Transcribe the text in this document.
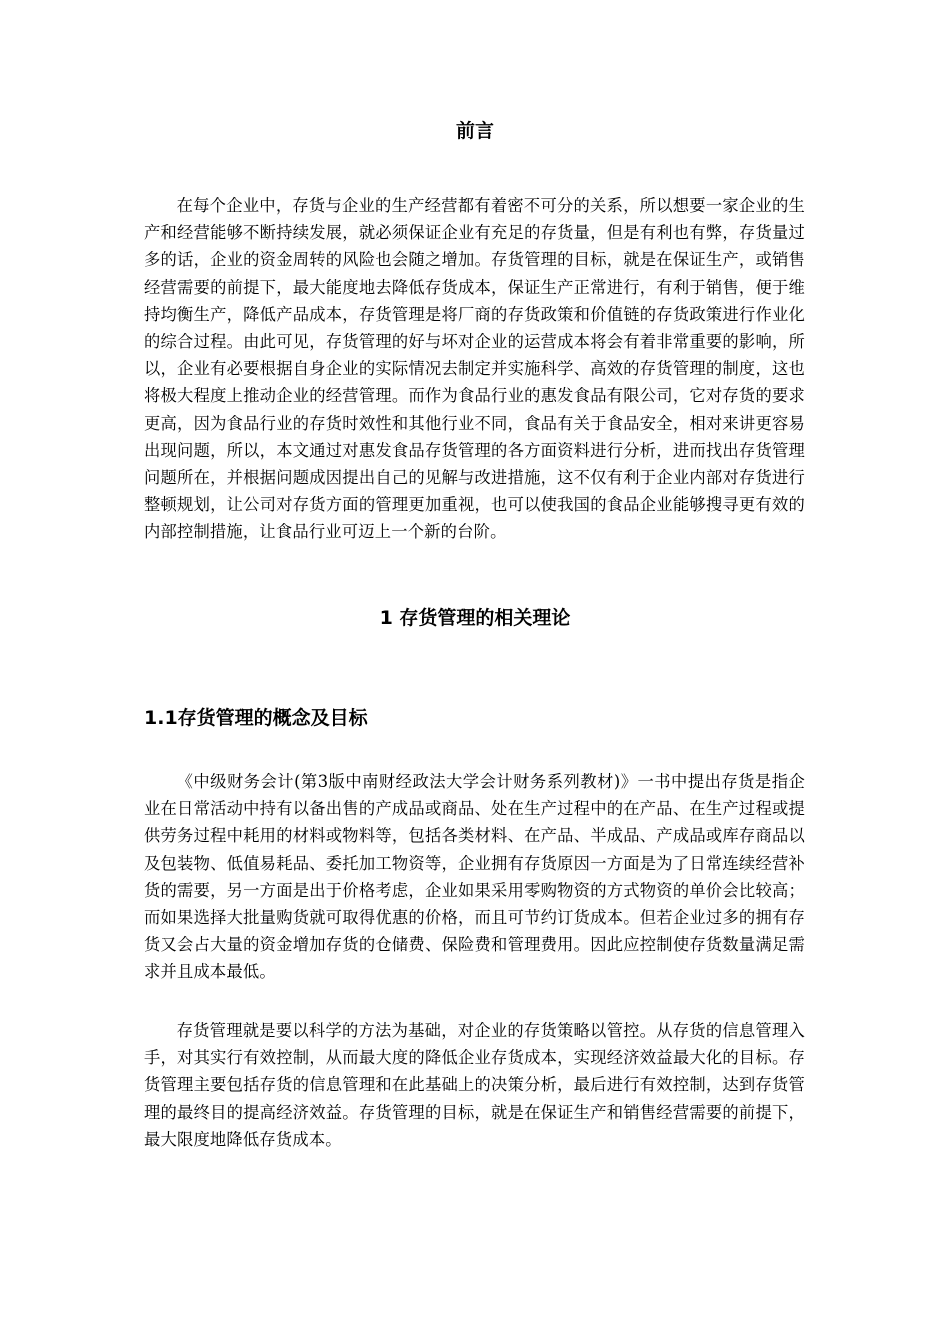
前言

在每个企业中，存货与企业的生产经营都有着密不可分的关系，所以想要一家企业的生产和经营能够不断持续发展，就必须保证企业有充足的存货量，但是有利也有弊，存货量过多的话，企业的资金周转的风险也会随之增加。存货管理的目标，就是在保证生产，或销售经营需要的前提下，最大能度地去降低存货成本，保证生产正常进行，有利于销售，便于维持均衡生产，降低产品成本，存货管理是将厂商的存货政策和价值链的存货政策进行作业化的综合过程。由此可见，存货管理的好与坏对企业的运营成本将会有着非常重要的影响，所以，企业有必要根据自身企业的实际情况去制定并实施科学、高效的存货管理的制度，这也将极大程度上推动企业的经营管理。而作为食品行业的惠发食品有限公司，它对存货的要求更高，因为食品行业的存货时效性和其他行业不同，食品有关于食品安全，相对来讲更容易出现问题，所以，本文通过对惠发食品存货管理的各方面资料进行分析，进而找出存货管理问题所在，并根据问题成因提出自己的见解与改进措施，这不仅有利于企业内部对存货进行整顿规划，让公司对存货方面的管理更加重视，也可以使我国的食品企业能够搜寻更有效的内部控制措施，让食品行业可迈上一个新的台阶。

1 存货管理的相关理论
1.1存货管理的概念及目标

《中级财务会计(第3版中南财经政法大学会计财务系列教材)》一书中提出存货是指企业在日常活动中持有以备出售的产成品或商品、处在生产过程中的在产品、在生产过程或提供劳务过程中耗用的材料或物料等，包括各类材料、在产品、半成品、产成品或库存商品以及包装物、低值易耗品、委托加工物资等，企业拥有存货原因一方面是为了日常连续经营补货的需要，另一方面是出于价格考虑，企业如果采用零购物资的方式物资的单价会比较高；而如果选择大批量购货就可取得优惠的价格，而且可节约订货成本。但若企业过多的拥有存货又会占大量的资金增加存货的仓储费、保险费和管理费用。因此应控制使存货数量满足需求并且成本最低。

存货管理就是要以科学的方法为基础，对企业的存货策略以管控。从存货的信息管理入手，对其实行有效控制，从而最大度的降低企业存货成本，实现经济效益最大化的目标。存货管理主要包括存货的信息管理和在此基础上的决策分析，最后进行有效控制，达到存货管理的最终目的提高经济效益。存货管理的目标，就是在保证生产和销售经营需要的前提下，最大限度地降低存货成本。
